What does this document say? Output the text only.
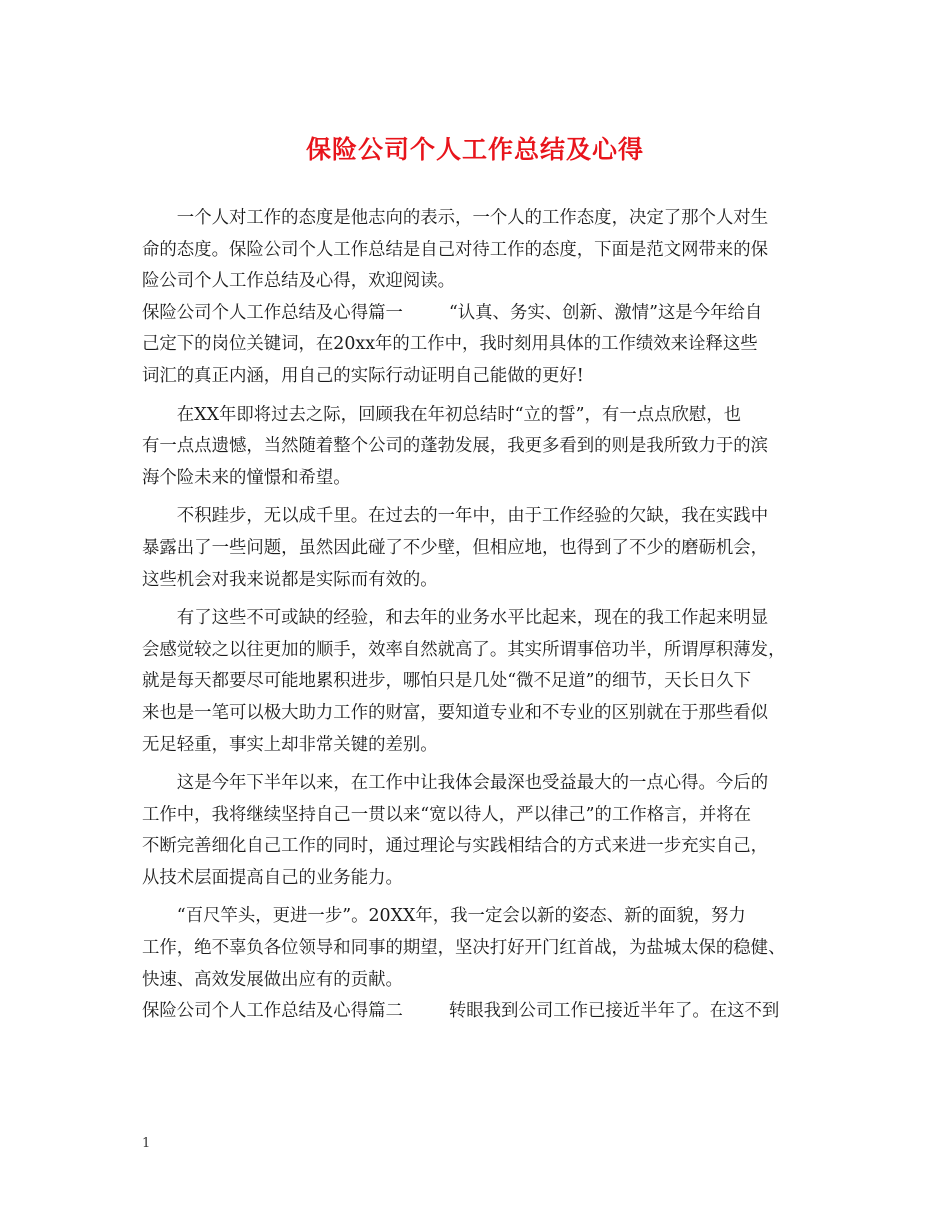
保险公司个人工作总结及心得

一个人对工作的态度是他志向的表示，一个人的工作态度，决定了那个人对生
命的态度。保险公司个人工作总结是自己对待工作的态度，下面是范文网带来的保
险公司个人工作总结及心得，欢迎阅读。

保险公司个人工作总结及心得篇一	“认真、务实、创新、激情”这是今年给自
己定下的岗位关键词，在20xx年的工作中，我时刻用具体的工作绩效来诠释这些
词汇的真正内涵，用自己的实际行动证明自己能做的更好!

在XX年即将过去之际，回顾我在年初总结时“立的誓”，有一点点欣慰，也
有一点点遗憾，当然随着整个公司的蓬勃发展，我更多看到的则是我所致力于的滨
海个险未来的憧憬和希望。

不积跬步，无以成千里。在过去的一年中，由于工作经验的欠缺，我在实践中
暴露出了一些问题，虽然因此碰了不少壁，但相应地，也得到了不少的磨砺机会，
这些机会对我来说都是实际而有效的。

有了这些不可或缺的经验，和去年的业务水平比起来，现在的我工作起来明显
会感觉较之以往更加的顺手，效率自然就高了。其实所谓事倍功半，所谓厚积薄发，
就是每天都要尽可能地累积进步，哪怕只是几处“微不足道”的细节，天长日久下
来也是一笔可以极大助力工作的财富，要知道专业和不专业的区别就在于那些看似
无足轻重，事实上却非常关键的差别。

这是今年下半年以来，在工作中让我体会最深也受益最大的一点心得。今后的
工作中，我将继续坚持自己一贯以来“宽以待人，严以律己”的工作格言，并将在
不断完善细化自己工作的同时，通过理论与实践相结合的方式来进一步充实自己，
从技术层面提高自己的业务能力。

“百尺竿头，更进一步”。20XX年，我一定会以新的姿态、新的面貌，努力
工作，绝不辜负各位领导和同事的期望，坚决打好开门红首战，为盐城太保的稳健、
快速、高效发展做出应有的贡献。

保险公司个人工作总结及心得篇二	转眼我到公司工作已接近半年了。在这不到

1
